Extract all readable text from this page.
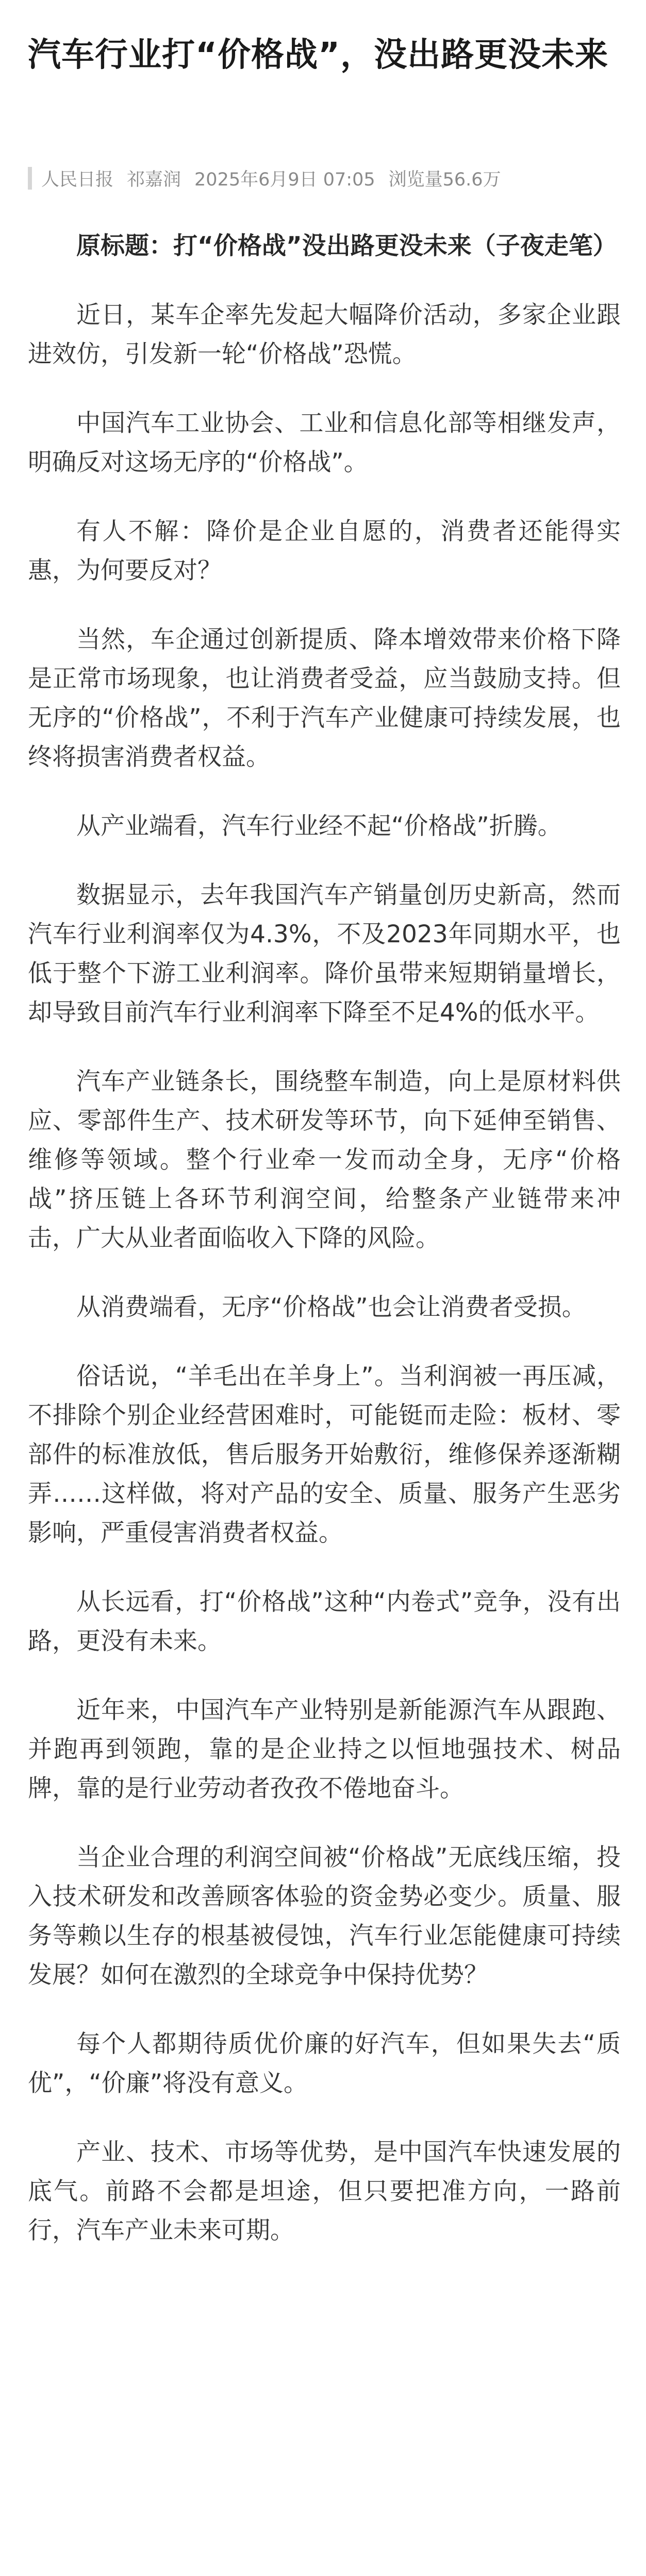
汽车行业打“价格战”，没出路更没未来
人民日报 祁嘉润 2025年6月9日 07:05 浏览量56.6万

原标题：打“价格战”没出路更没未来（子夜走笔）

近日，某车企率先发起大幅降价活动，多家企业跟进效仿，引发新一轮“价格战”恐慌。

中国汽车工业协会、工业和信息化部等相继发声，明确反对这场无序的“价格战”。

有人不解：降价是企业自愿的，消费者还能得实惠，为何要反对？

当然，车企通过创新提质、降本增效带来价格下降是正常市场现象，也让消费者受益，应当鼓励支持。但无序的“价格战”，不利于汽车产业健康可持续发展，也终将损害消费者权益。

从产业端看，汽车行业经不起“价格战”折腾。

数据显示，去年我国汽车产销量创历史新高，然而汽车行业利润率仅为4.3%，不及2023年同期水平，也低于整个下游工业利润率。降价虽带来短期销量增长，却导致目前汽车行业利润率下降至不足4%的低水平。

汽车产业链条长，围绕整车制造，向上是原材料供应、零部件生产、技术研发等环节，向下延伸至销售、维修等领域。整个行业牵一发而动全身，无序“价格战”挤压链上各环节利润空间，给整条产业链带来冲击，广大从业者面临收入下降的风险。

从消费端看，无序“价格战”也会让消费者受损。

俗话说，“羊毛出在羊身上”。当利润被一再压减，不排除个别企业经营困难时，可能铤而走险：板材、零部件的标准放低，售后服务开始敷衍，维修保养逐渐糊弄……这样做，将对产品的安全、质量、服务产生恶劣影响，严重侵害消费者权益。

从长远看，打“价格战”这种“内卷式”竞争，没有出路，更没有未来。

近年来，中国汽车产业特别是新能源汽车从跟跑、并跑再到领跑，靠的是企业持之以恒地强技术、树品牌，靠的是行业劳动者孜孜不倦地奋斗。

当企业合理的利润空间被“价格战”无底线压缩，投入技术研发和改善顾客体验的资金势必变少。质量、服务等赖以生存的根基被侵蚀，汽车行业怎能健康可持续发展？如何在激烈的全球竞争中保持优势？

每个人都期待质优价廉的好汽车，但如果失去“质优”，“价廉”将没有意义。

产业、技术、市场等优势，是中国汽车快速发展的底气。前路不会都是坦途，但只要把准方向，一路前行，汽车产业未来可期。
